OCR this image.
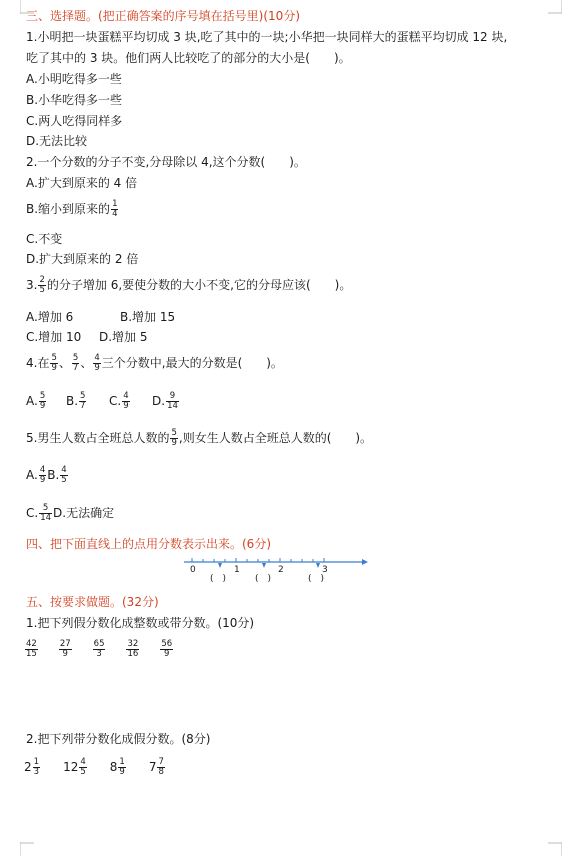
三、选择题。(把正确答案的序号填在括号里)(10分)
1.小明把一块蛋糕平均切成 3 块,吃了其中的一块;小华把一块同样大的蛋糕平均切成 12 块,
吃了其中的 3 块。他们两人比较吃了的部分的大小是(　　)。
A.小明吃得多一些
B.小华吃得多一些
C.两人吃得同样多
D.无法比较
2.一个分数的分子不变,分母除以 4,这个分数(　　)。
A.扩大到原来的 4 倍
B.缩小到原来的 $\frac{1}{4}$
C.不变
D.扩大到原来的 2 倍
3. $\frac{2}{5}$ 的分子增加 6,要使分数的大小不变,它的分母应该(　　)。
A.增加 6	B.增加 15
C.增加 10 D.增加 5
4.在 $\frac{5}{9}$ 、 $\frac{5}{7}$ 、 $\frac{4}{9}$ 三个分数中,最大的分数是(　　)。
A. $\frac{5}{9} B$. $\frac{5}{7} C$. $\frac{4}{9} D$. $\frac{9}{14}$
5.男生人数占全班总人数的 $\frac{5}{9}$ ,则女生人数占全班总人数的(　　)。
A. $\frac{4}{9} B$. $\frac{4}{5}$
C. $\frac{5}{14} D$.无法确定
四、把下面直线上的点用分数表示出来。(6分)
0	1	2	3
(　)	(　)	(　)
五、按要求做题。(32分)
1.把下列假分数化成整数或带分数。(10分)
$\frac{42}{15} \frac{27}{9} \frac{65}{3} \frac{32}{16} \frac{56}{9}$
2.把下列带分数化成假分数。(8分)
$2 \frac{1}{3} 12 \frac{4}{5} 8 \frac{1}{9} 7 \frac{7}{8}$
